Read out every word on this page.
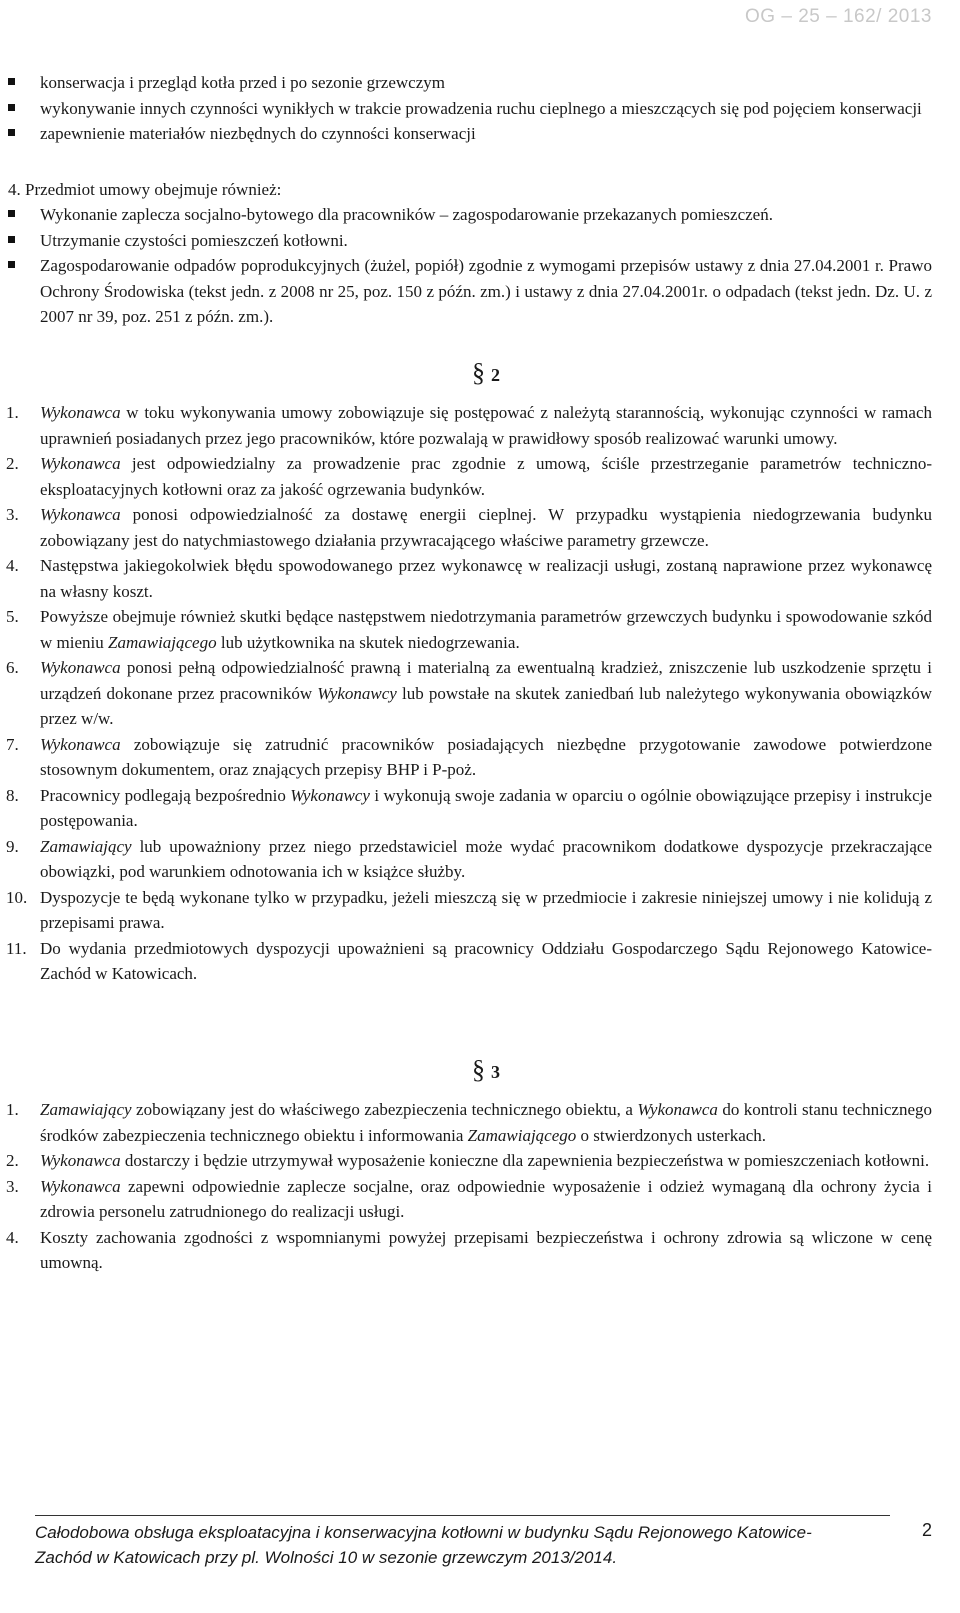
OG – 25 – 162/ 2013
konserwacja i przegląd kotła przed i po sezonie grzewczym
wykonywanie innych czynności wynikłych w trakcie prowadzenia ruchu cieplnego a mieszczących się pod pojęciem konserwacji
zapewnienie materiałów niezbędnych do czynności konserwacji
4. Przedmiot umowy obejmuje również:
Wykonanie zaplecza socjalno-bytowego dla pracowników – zagospodarowanie przekazanych pomieszczeń.
Utrzymanie czystości pomieszczeń kotłowni.
Zagospodarowanie odpadów poprodukcyjnych (żużel, popiół) zgodnie z wymogami przepisów ustawy z dnia 27.04.2001 r. Prawo Ochrony Środowiska (tekst jedn. z 2008 nr 25, poz. 150 z późn. zm.) i ustawy z dnia 27.04.2001r. o odpadach (tekst jedn. Dz. U. z 2007 nr 39, poz. 251 z późn. zm.).
§ 2
1. Wykonawca w toku wykonywania umowy zobowiązuje się postępować z należytą starannością, wykonując czynności w ramach uprawnień posiadanych przez jego pracowników, które pozwalają w prawidłowy sposób realizować warunki umowy.
2. Wykonawca jest odpowiedzialny za prowadzenie prac zgodnie z umową, ściśle przestrzeganie parametrów techniczno-eksploatacyjnych kotłowni oraz za jakość ogrzewania budynków.
3. Wykonawca ponosi odpowiedzialność za dostawę energii cieplnej. W przypadku wystąpienia niedogrzewania budynku zobowiązany jest do natychmiastowego działania przywracającego właściwe parametry grzewcze.
4. Następstwa jakiegokolwiek błędu spowodowanego przez wykonawcę w realizacji usługi, zostaną naprawione przez wykonawcę na własny koszt.
5. Powyższe obejmuje również skutki będące następstwem niedotrzymania parametrów grzewczych budynku i spowodowanie szkód w mieniu Zamawiającego lub użytkownika na skutek niedogrzewania.
6. Wykonawca ponosi pełną odpowiedzialność prawną i materialną za ewentualną kradzież, zniszczenie lub uszkodzenie sprzętu i urządzeń dokonane przez pracowników Wykonawcy lub powstałe na skutek zaniedbań lub należytego wykonywania obowiązków przez w/w.
7. Wykonawca zobowiązuje się zatrudnić pracowników posiadających niezbędne przygotowanie zawodowe potwierdzone stosownym dokumentem, oraz znających przepisy BHP i P-poż.
8. Pracownicy podlegają bezpośrednio Wykonawcy i wykonują swoje zadania w oparciu o ogólnie obowiązujące przepisy i instrukcje postępowania.
9. Zamawiający lub upoważniony przez niego przedstawiciel może wydać pracownikom dodatkowe dyspozycje przekraczające obowiązki, pod warunkiem odnotowania ich w książce służby.
10. Dyspozycje te będą wykonane tylko w przypadku, jeżeli mieszczą się w przedmiocie i zakresie niniejszej umowy i nie kolidują z przepisami prawa.
11. Do wydania przedmiotowych dyspozycji upoważnieni są pracownicy Oddziału Gospodarczego Sądu Rejonowego Katowice-Zachód w Katowicach.
§ 3
1. Zamawiający zobowiązany jest do właściwego zabezpieczenia technicznego obiektu, a Wykonawca do kontroli stanu technicznego środków zabezpieczenia technicznego obiektu i informowania Zamawiającego o stwierdzonych usterkach.
2. Wykonawca dostarczy i będzie utrzymywał wyposażenie konieczne dla zapewnienia bezpieczeństwa w pomieszczeniach kotłowni.
3. Wykonawca zapewni odpowiednie zaplecze socjalne, oraz odpowiednie wyposażenie i odzież wymaganą dla ochrony życia i zdrowia personelu zatrudnionego do realizacji usługi.
4. Koszty zachowania zgodności z wspomnianymi powyżej przepisami bezpieczeństwa i ochrony zdrowia są wliczone w cenę umowną.
Całodobowa obsługa eksploatacyjna i konserwacyjna kotłowni w budynku Sądu Rejonowego Katowice-Zachód w Katowicach przy pl. Wolności 10 w sezonie grzewczym 2013/2014.
2
